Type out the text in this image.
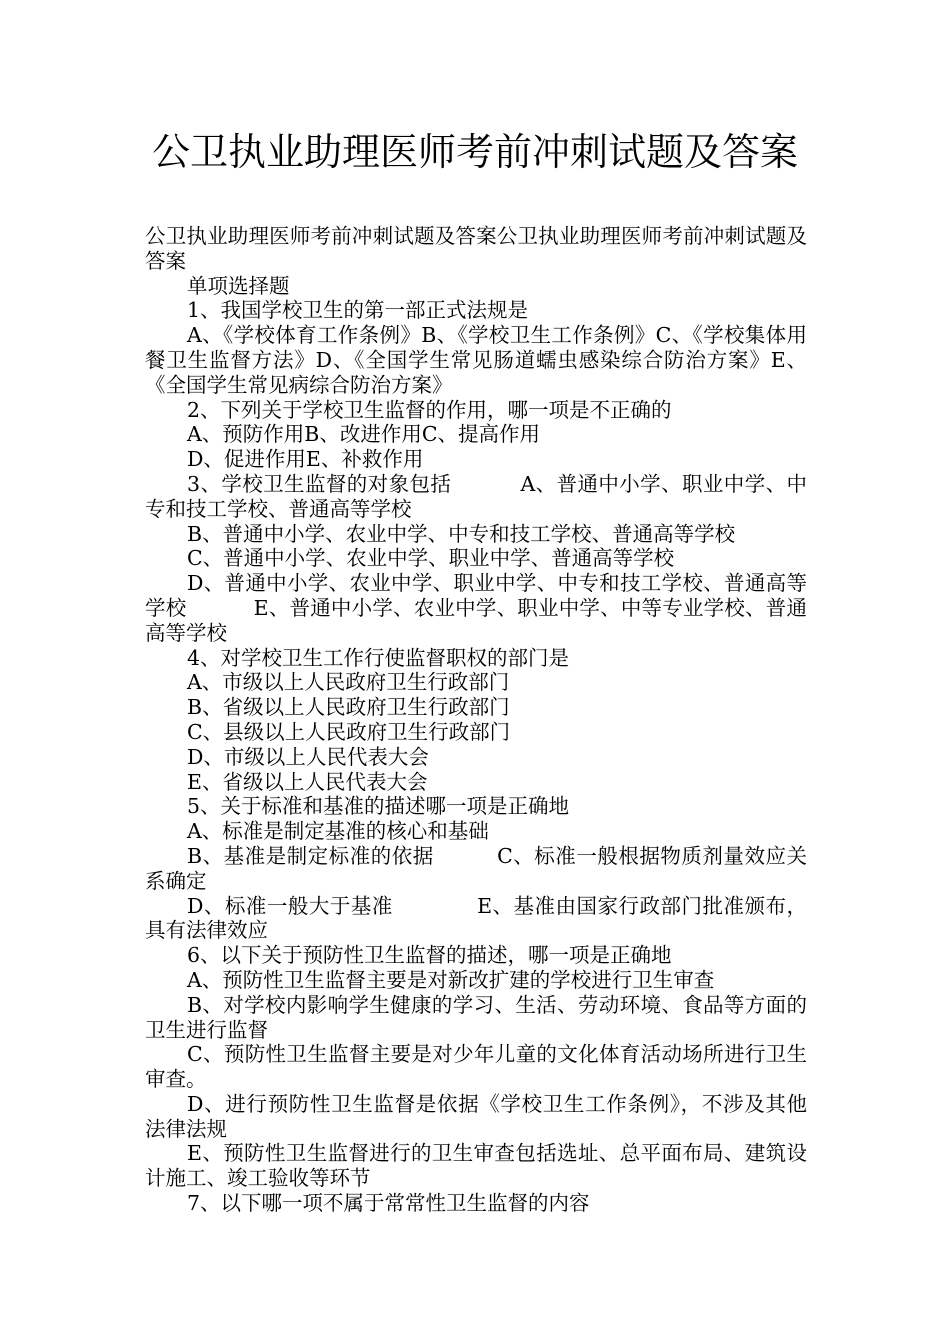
公卫执业助理医师考前冲刺试题及答案

公卫执业助理医师考前冲刺试题及答案公卫执业助理医师考前冲刺试题及答案

单项选择题

1、我国学校卫生的第一部正式法规是

A、《学校体育工作条例》B、《学校卫生工作条例》C、《学校集体用餐卫生监督方法》D、《全国学生常见肠道蠕虫感染综合防治方案》E、《全国学生常见病综合防治方案》

2、下列关于学校卫生监督的作用，哪一项是不正确的

A、预防作用B、改进作用C、提高作用

D、促进作用E、补救作用

3、学校卫生监督的对象包括          A、普通中小学、职业中学、中专和技工学校、普通高等学校

B、普通中小学、农业中学、中专和技工学校、普通高等学校

C、普通中小学、农业中学、职业中学、普通高等学校

D、普通中小学、农业中学、职业中学、中专和技工学校、普通高等学校          E、普通中小学、农业中学、职业中学、中等专业学校、普通高等学校

4、对学校卫生工作行使监督职权的部门是

A、市级以上人民政府卫生行政部门

B、省级以上人民政府卫生行政部门

C、县级以上人民政府卫生行政部门

D、市级以上人民代表大会

E、省级以上人民代表大会

5、关于标准和基准的描述哪一项是正确地

A、标准是制定基准的核心和基础

B、基准是制定标准的依据         C、标准一般根据物质剂量效应关系确定

D、标准一般大于基准            E、基准由国家行政部门批准颁布，具有法律效应

6、以下关于预防性卫生监督的描述，哪一项是正确地

A、预防性卫生监督主要是对新改扩建的学校进行卫生审查

B、对学校内影响学生健康的学习、生活、劳动环境、食品等方面的卫生进行监督

C、预防性卫生监督主要是对少年儿童的文化体育活动场所进行卫生审查。

D、进行预防性卫生监督是依据《学校卫生工作条例》，不涉及其他法律法规

E、预防性卫生监督进行的卫生审查包括选址、总平面布局、建筑设计施工、竣工验收等环节

7、以下哪一项不属于常常性卫生监督的内容
